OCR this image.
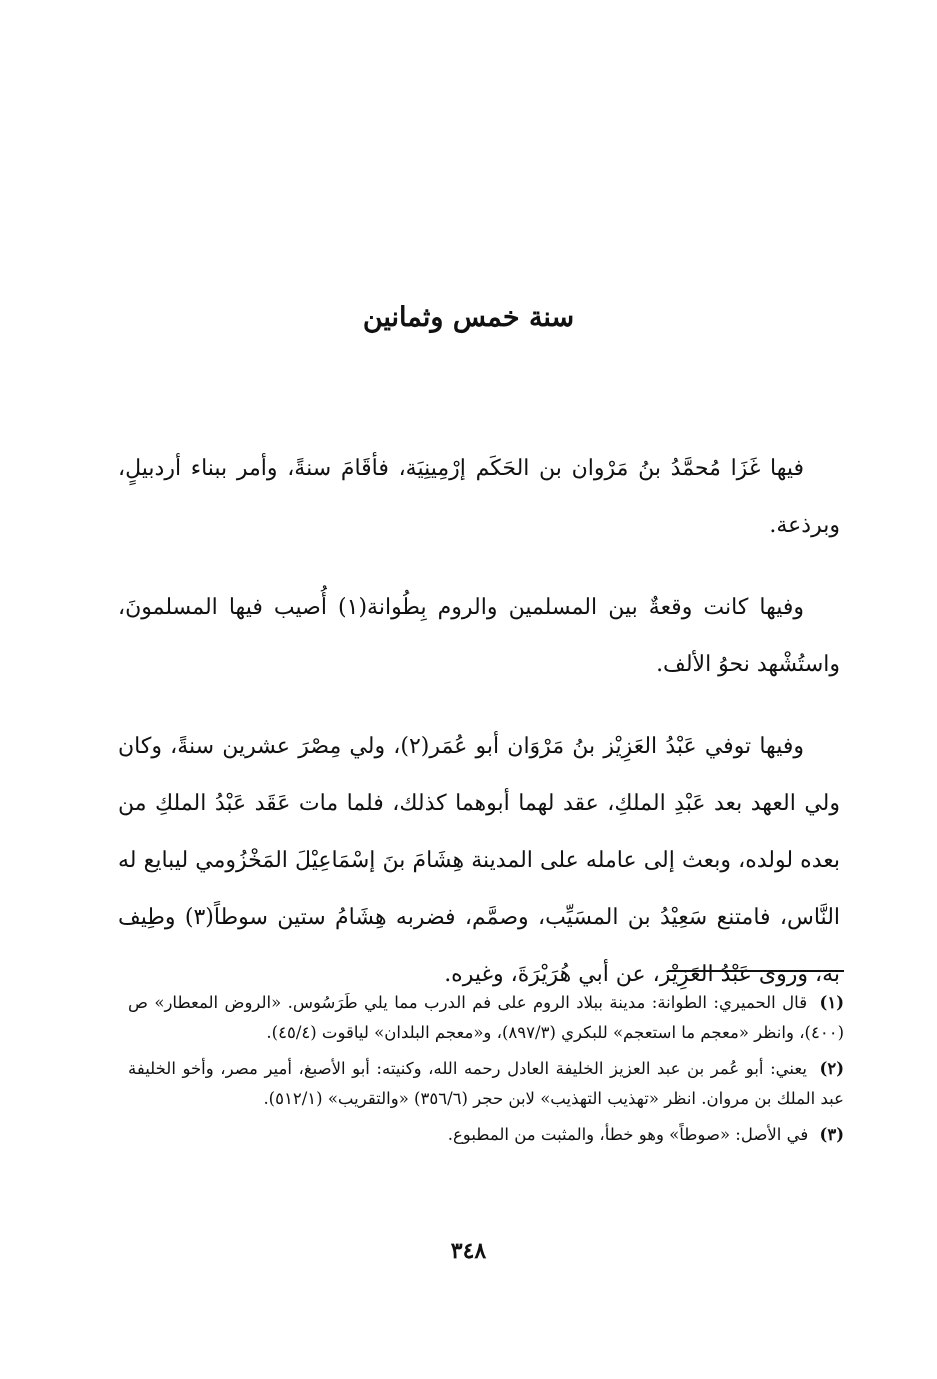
سنة خمس وثمانين

فيها غَزَا مُحمَّدُ بنُ مَرْوان بن الحَكَم إرْمِينِيَة، فأقَامَ سنةً، وأمر ببناء أردبيلٍ، وبرذعة.

وفيها كانت وقعةٌ بين المسلمين والروم بِطُوانة(١) أُصيب فيها المسلمونَ، واستُشْهد نحوُ الألف.

وفيها توفي عَبْدُ العَزِيْز بنُ مَرْوَان أبو عُمَر(٢)، ولي مِصْرَ عشرين سنةً، وكان ولي العهد بعد عَبْدِ الملكِ، عقد لهما أبوهما كذلك، فلما مات عَقَد عَبْدُ الملكِ من بعده لولده، وبعث إلى عامله على المدينة هِشَامَ بنَ إسْمَاعِيْلَ المَخْزُومي ليبايع له النَّاس، فامتنع سَعِيْدُ بن المسَيِّب، وصمَّم، فضربه هِشَامُ ستين سوطاً(٣) وطِيف به، وروى عَبْدُ العَزِيْز، عن أبي هُرَيْرَةَ، وغيره.

(١) قال الحميري: الطوانة: مدينة ببلاد الروم على فم الدرب مما يلي طَرَسُوس. «الروض المعطار» ص (٤٠٠)، وانظر «معجم ما استعجم» للبكري (٨٩٧/٣)، و«معجم البلدان» لياقوت (٤٥/٤).
(٢) يعني: أبو عُمر بن عبد العزيز الخليفة العادل رحمه الله، وكنيته: أبو الأصبغ، أمير مصر، وأخو الخليفة عبد الملك بن مروان. انظر «تهذيب التهذيب» لابن حجر (٣٥٦/٦) «والتقريب» (٥١٢/١).
(٣) في الأصل: «صوطاً» وهو خطأ، والمثبت من المطبوع.
٣٤٨
